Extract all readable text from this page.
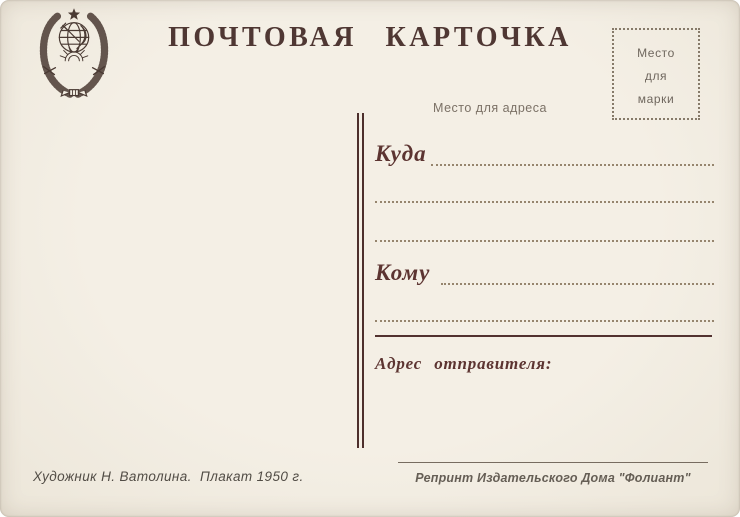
ПОЧТОВАЯ КАРТОЧКА	Место
для
марки
Место для адреса
Куда
Кому
Адрес отправителя:
Художник Н. Ватолина.  Плакат 1950 г.	Репринт Издательского Дома "Фолиант"
